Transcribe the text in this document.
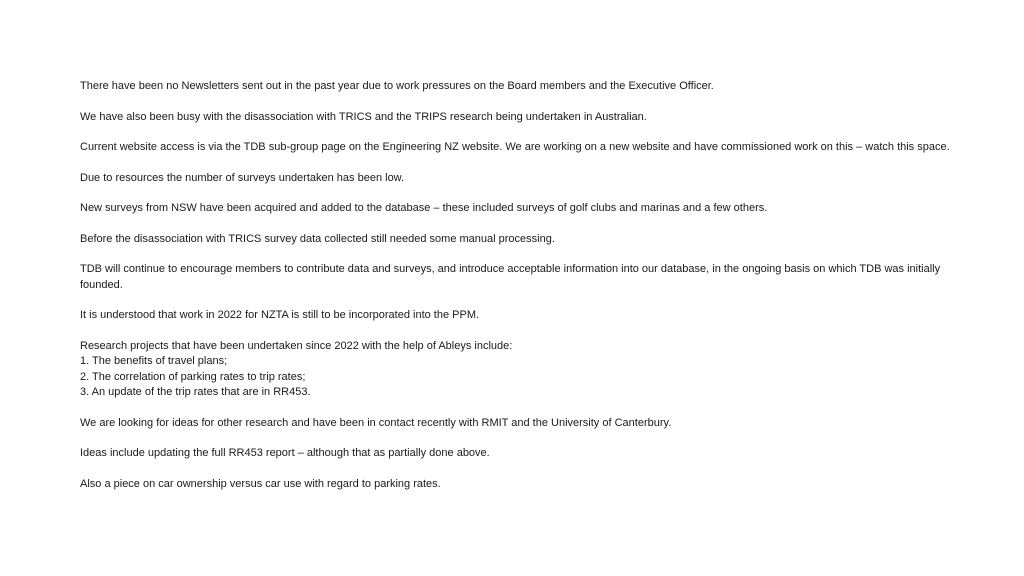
There have been no Newsletters sent out in the past year due to work pressures on the Board members and the Executive Officer.

We have also been busy with the disassociation with TRICS and the TRIPS research being undertaken in Australian.

Current website access is via the TDB sub-group page on the Engineering NZ website. We are working on a new website and have commissioned work on this – watch this space.

Due to resources the number of surveys undertaken has been low.

New surveys from NSW have been acquired and added to the database – these included surveys of golf clubs and marinas and a few others.

Before the disassociation with TRICS survey data collected still needed some manual processing.

TDB will continue to encourage members to contribute data and surveys, and introduce acceptable information into our database, in the ongoing basis on which TDB was initially founded.

It is understood that work in 2022 for NZTA is still to be incorporated into the PPM.

Research projects that have been undertaken since 2022 with the help of Ableys include:
1. The benefits of travel plans;
2. The correlation of parking rates to trip rates;
3. An update of the trip rates that are in RR453.

We are looking for ideas for other research and have been in contact recently with RMIT and the University of Canterbury.

Ideas include updating the full RR453 report – although that as partially done above.

Also a piece on car ownership versus car use with regard to parking rates.
